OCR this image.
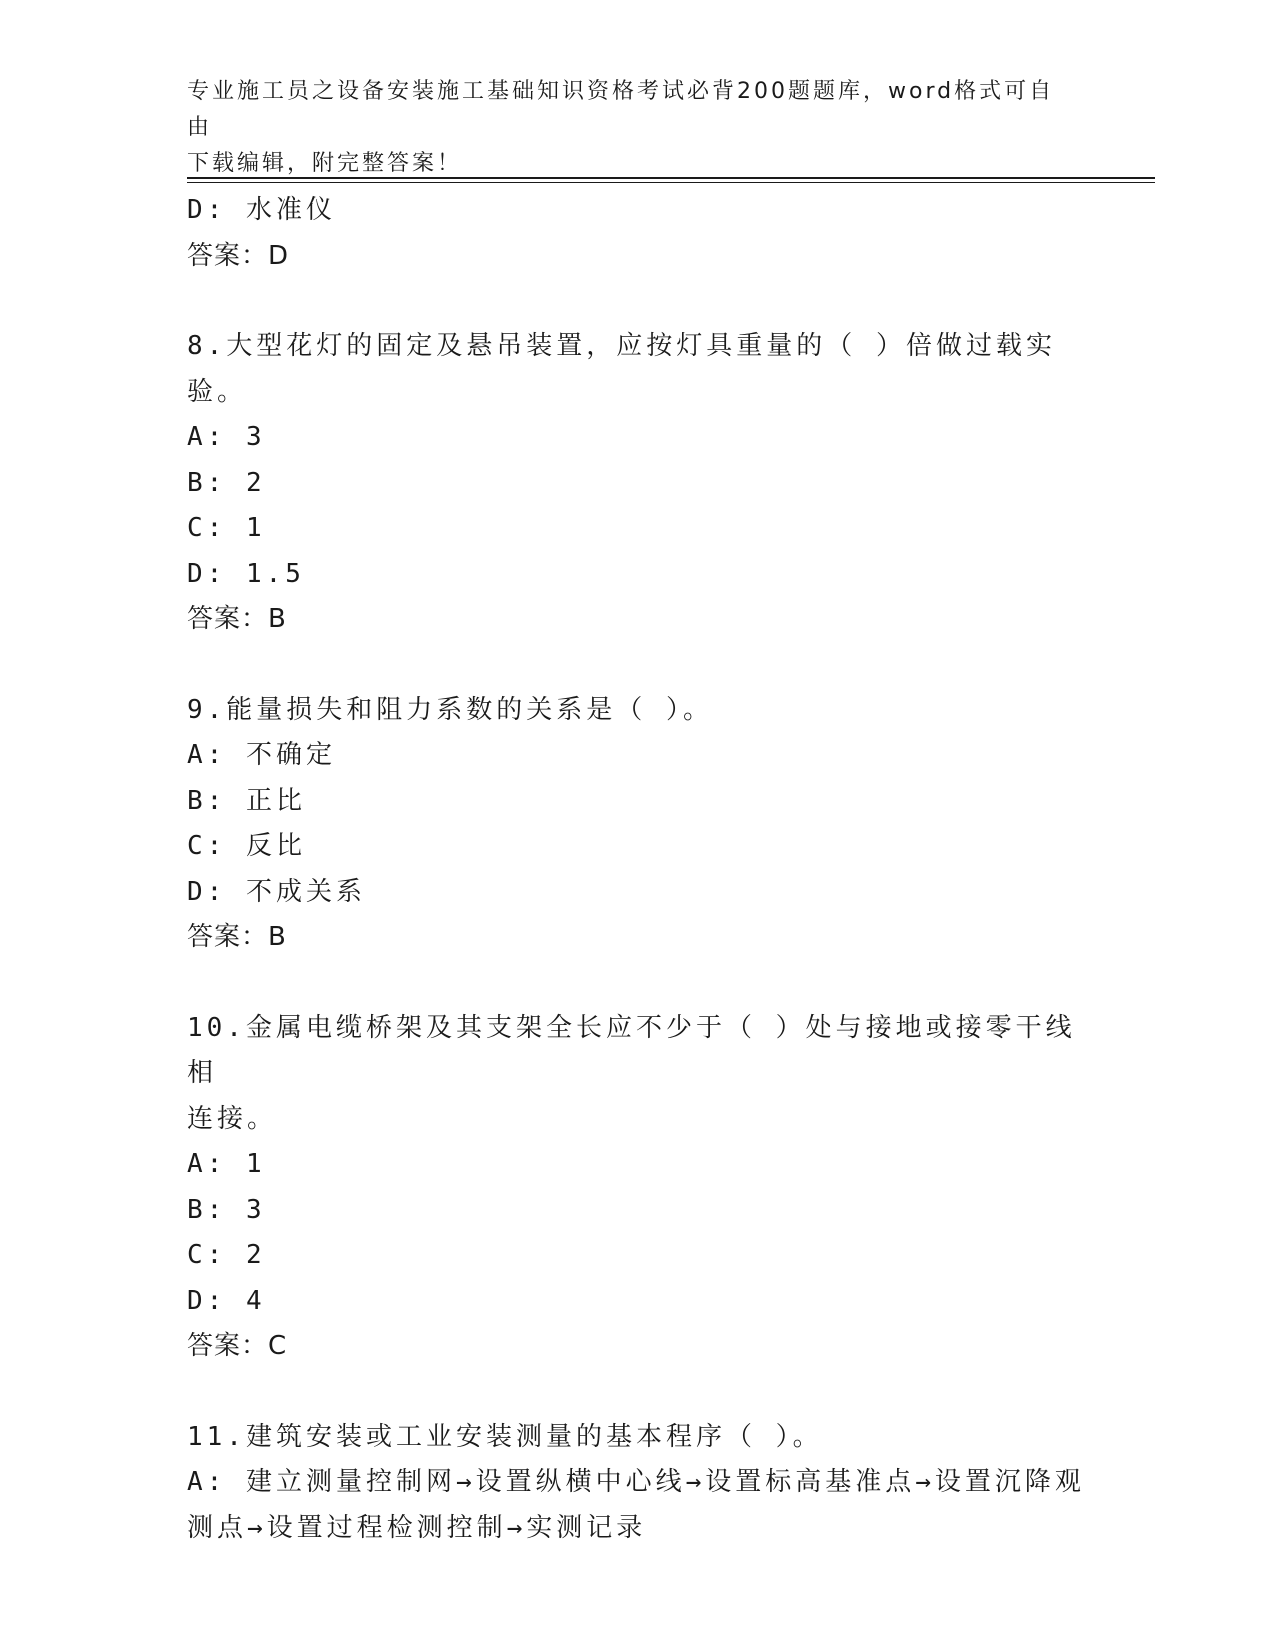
专业施工员之设备安装施工基础知识资格考试必背200题题库，word格式可自由
下载编辑，附完整答案！

D: 水准仪

答案：D

8.大型花灯的固定及悬吊装置，应按灯具重量的（ ）倍做过载实验。

A: 3

B: 2

C: 1

D: 1.5

答案：B

9.能量损失和阻力系数的关系是（ ）。

A: 不确定

B: 正比

C: 反比

D: 不成关系

答案：B

10.金属电缆桥架及其支架全长应不少于（ ）处与接地或接零干线相

连接。

A: 1

B: 3

C: 2

D: 4

答案：C

11.建筑安装或工业安装测量的基本程序（ ）。

A: 建立测量控制网→设置纵横中心线→设置标高基准点→设置沉降观

测点→设置过程检测控制→实测记录
